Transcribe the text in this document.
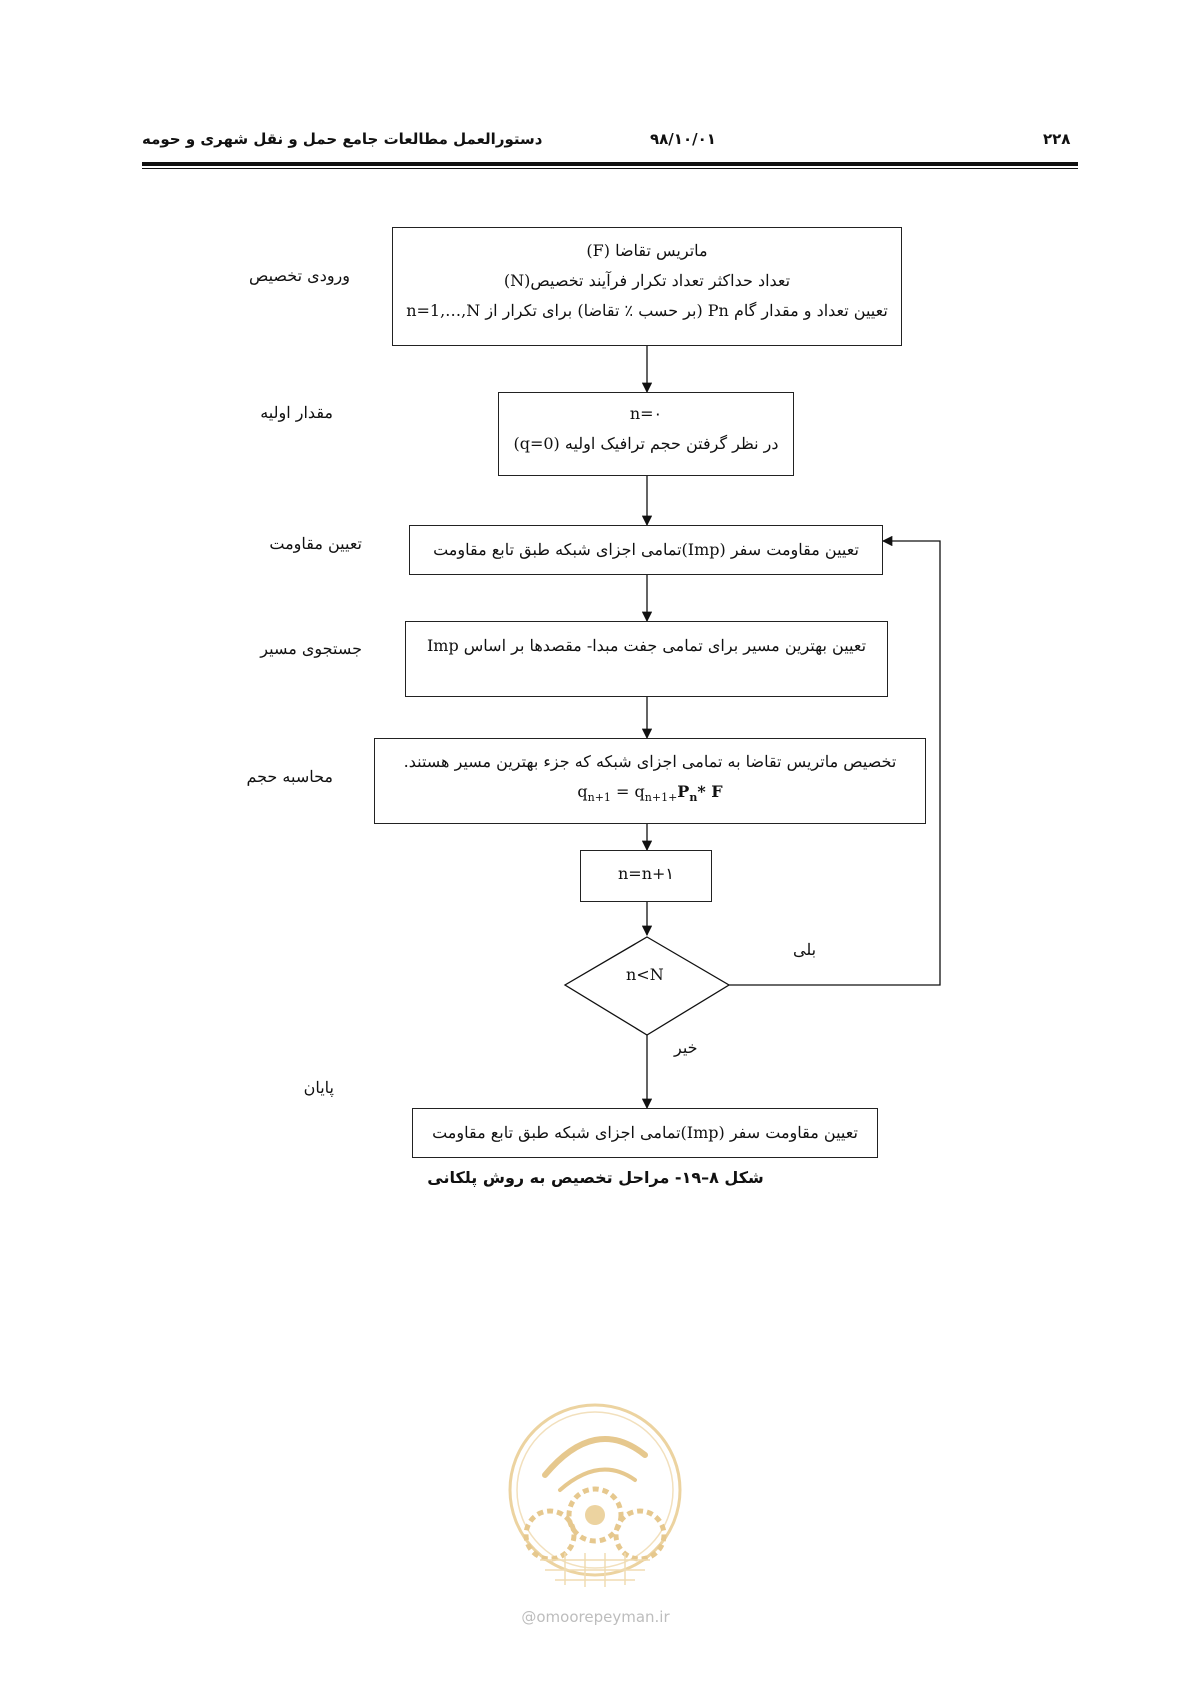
دستورالعمل مطالعات جامع حمل و نقل شهری و حومه	۹۸/۱۰/۰۱	۲۲۸
ماتریس تقاضا (F)
تعداد حداکثر تعداد تکرار فرآیند تخصیص(N)
تعیین تعداد و مقدار گام Pn (بر حسب ٪ تقاضا) برای تکرار از n=1,…,N
n=۰
در نظر گرفتن حجم ترافیک اولیه (q=0)
تعیین مقاومت سفر (Imp)تمامی اجزای شبکه طبق تابع مقاومت
تعیین بهترین مسیر برای تمامی جفت مبدا- مقصدها بر اساس Imp
تخصیص ماتریس تقاضا به تمامی اجزای شبکه که جزء بهترین مسیر هستند.
$q_{n+1} = q_{n+1+}P_n*$ F
n=n+۱
n<N
بلی
خیر
تعیین مقاومت سفر (Imp)تمامی اجزای شبکه طبق تابع مقاومت
ورودی تخصیص
مقدار اولیه
تعیین مقاومت
جستجوی مسیر
محاسبه حجم
پایان
شکل ۸–۱۹- مراحل تخصیص به روش پلکانی
@omoorepeyman.ir
